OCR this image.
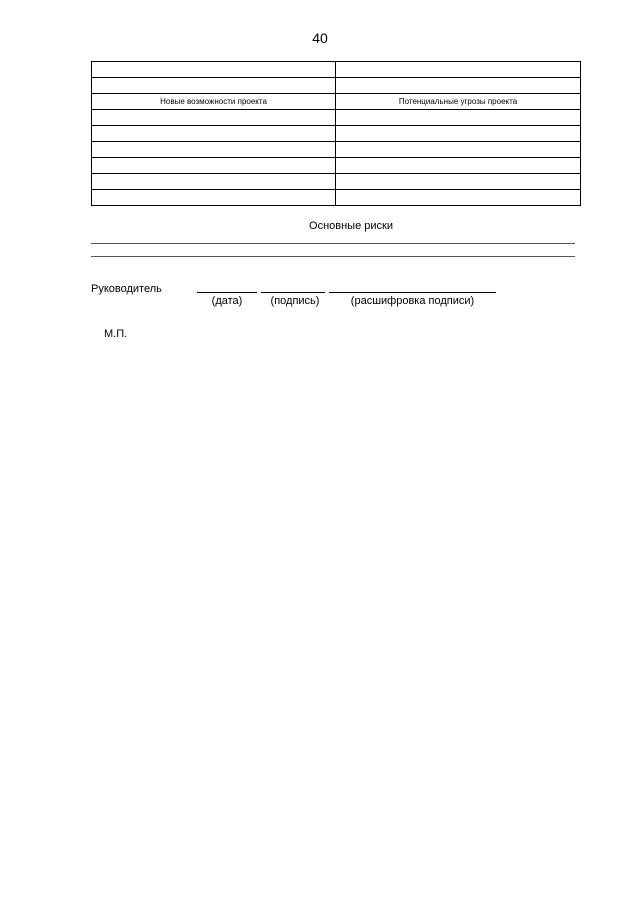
40

Новые возможности проекта	Потенциальные угрозы проекта

Основные риски
Руководитель
(дата)	(подпись)	(расшифровка подписи)
М.П.
